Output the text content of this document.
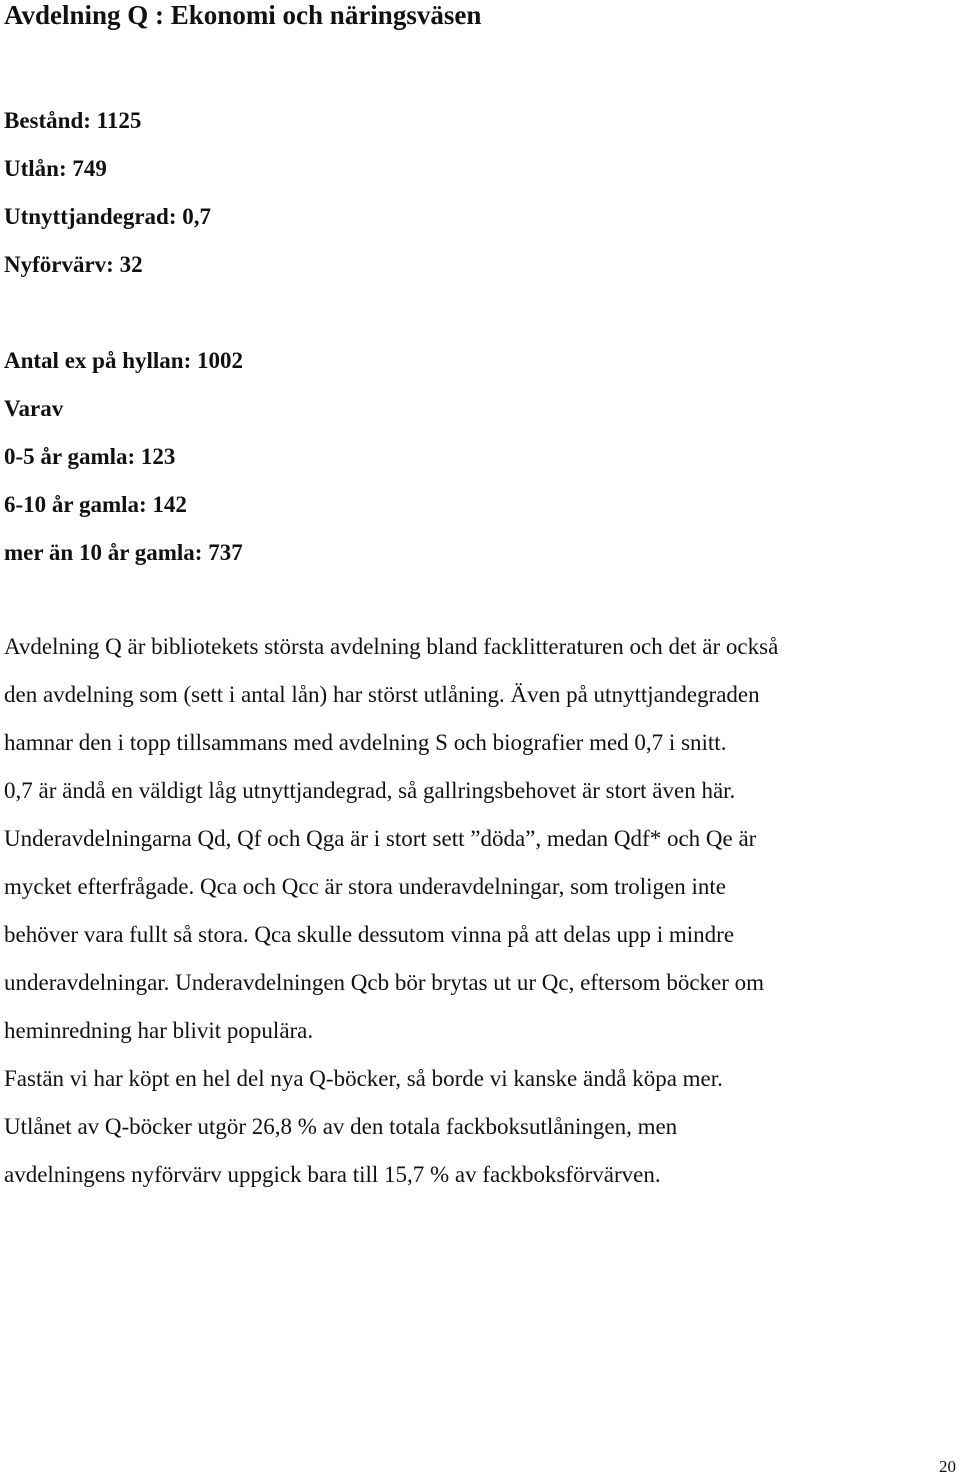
Avdelning Q : Ekonomi och näringsväsen

Bestånd: 1125

Utlån: 749

Utnyttjandegrad: 0,7

Nyförvärv: 32

Antal ex på hyllan: 1002

Varav

0-5 år gamla: 123

6-10 år gamla: 142

mer än 10 år gamla: 737

Avdelning Q är bibliotekets största avdelning bland facklitteraturen och det är också

den avdelning som (sett i antal lån) har störst utlåning. Även på utnyttjandegraden

hamnar den i topp tillsammans med avdelning S och biografier med 0,7 i snitt.

0,7 är ändå en väldigt låg utnyttjandegrad, så gallringsbehovet är stort även här.

Underavdelningarna Qd, Qf och Qga är i stort sett ”döda”, medan Qdf* och Qe är

mycket efterfrågade. Qca och Qcc är stora underavdelningar, som troligen inte

behöver vara fullt så stora. Qca skulle dessutom vinna på att delas upp i mindre

underavdelningar. Underavdelningen Qcb bör brytas ut ur Qc, eftersom böcker om

heminredning har blivit populära.

Fastän vi har köpt en hel del nya Q-böcker, så borde vi kanske ändå köpa mer.

Utlånet av Q-böcker utgör 26,8 % av den totala fackboksutlåningen, men

avdelningens nyförvärv uppgick bara till 15,7 % av fackboksförvärven.

20
